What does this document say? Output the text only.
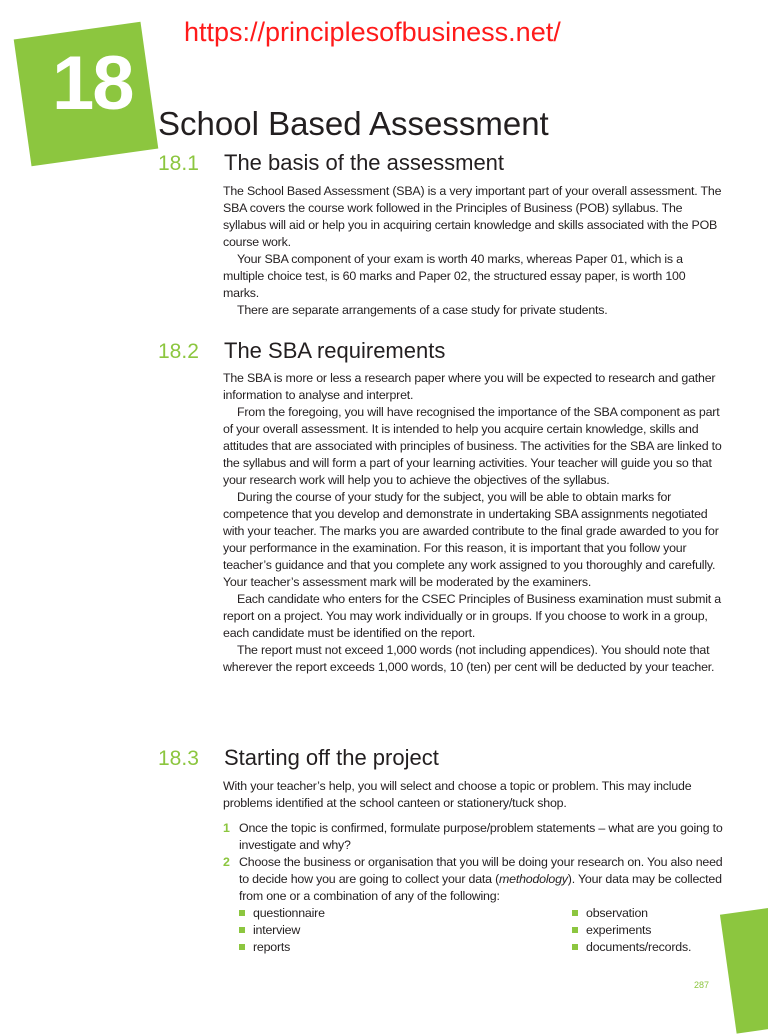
18
https://principlesofbusiness.net/
School Based Assessment
18.1	The basis of the assessment

The School Based Assessment (SBA) is a very important part of your overall assessment. The SBA covers the course work followed in the Principles of Business (POB) syllabus. The syllabus will aid or help you in acquiring certain knowledge and skills associated with the POB course work.

Your SBA component of your exam is worth 40 marks, whereas Paper 01, which is a multiple choice test, is 60 marks and Paper 02, the structured essay paper, is worth 100 marks.

There are separate arrangements of a case study for private students.

18.2	The SBA requirements

The SBA is more or less a research paper where you will be expected to research and gather information to analyse and interpret.

From the foregoing, you will have recognised the importance of the SBA component as part of your overall assessment. It is intended to help you acquire certain knowledge, skills and attitudes that are associated with principles of business. The activities for the SBA are linked to the syllabus and will form a part of your learning activities. Your teacher will guide you so that your research work will help you to achieve the objectives of the syllabus.

During the course of your study for the subject, you will be able to obtain marks for competence that you develop and demonstrate in undertaking SBA assignments negotiated with your teacher. The marks you are awarded contribute to the final grade awarded to you for your performance in the examination. For this reason, it is important that you follow your teacher’s guidance and that you complete any work assigned to you thoroughly and carefully. Your teacher’s assessment mark will be moderated by the examiners.

Each candidate who enters for the CSEC Principles of Business examination must submit a report on a project. You may work individually or in groups. If you choose to work in a group, each candidate must be identified on the report.

The report must not exceed 1,000 words (not including appendices). You should note that wherever the report exceeds 1,000 words, 10 (ten) per cent will be deducted by your teacher.

18.3	Starting off the project

With your teacher’s help, you will select and choose a topic or problem. This may include problems identified at the school canteen or stationery/tuck shop.

1 Once the topic is confirmed, formulate purpose/problem statements – what are you going to investigate and why?
2 Choose the business or organisation that you will be doing your research on. You also need to decide how you are going to collect your data (methodology). Your data may be collected from one or a combination of any of the following:
questionnaire	observation
interview	experiments
reports	documents/records.
287
